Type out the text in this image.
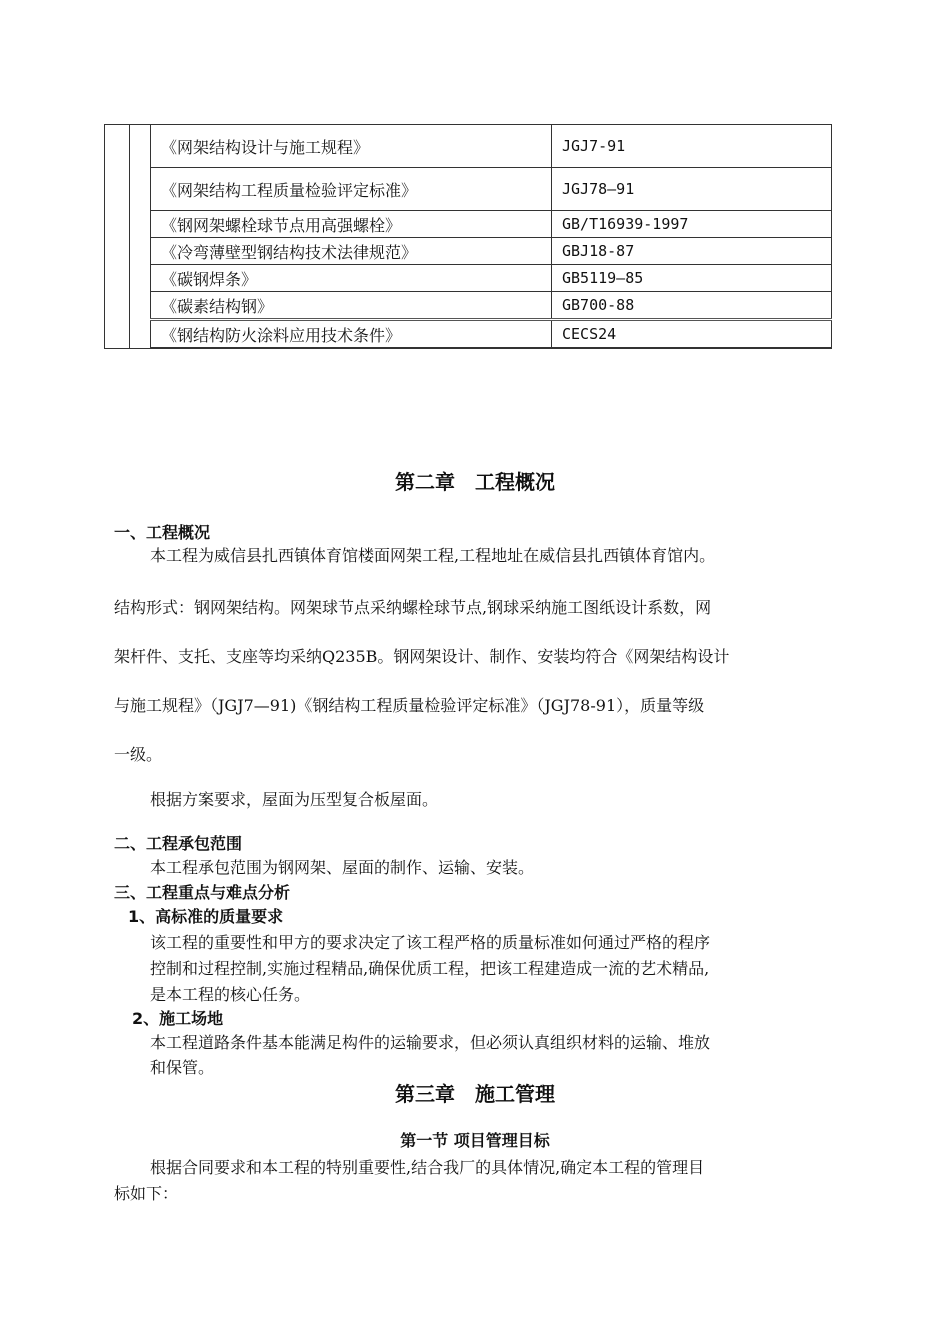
		《网架结构设计与施工规程》	JGJ7-91
		《网架结构工程质量检验评定标准》	JGJ78—91
		《钢网架螺栓球节点用高强螺栓》	GB/T16939-1997
		《冷弯薄壁型钢结构技术法律规范》	GBJ18-87
		《碳钢焊条》	GB5119—85
		《碳素结构钢》	GB700-88
		《钢结构防火涂料应用技术条件》	CECS24
第二章　工程概况
一、工程概况
本工程为威信县扎西镇体育馆楼面网架工程,工程地址在威信县扎西镇体育馆内。
结构形式：钢网架结构。网架球节点采纳螺栓球节点,钢球采纳施工图纸设计系数，网
架杆件、支托、支座等均采纳Q235B。钢网架设计、制作、安装均符合《网架结构设计
与施工规程》（JGJ7—91)《钢结构工程质量检验评定标准》（JGJ78-91），质量等级
一级。
根据方案要求，屋面为压型复合板屋面。
二、工程承包范围
本工程承包范围为钢网架、屋面的制作、运输、安装。
三、工程重点与难点分析
1、高标准的质量要求
该工程的重要性和甲方的要求决定了该工程严格的质量标准如何通过严格的程序
控制和过程控制,实施过程精品,确保优质工程，把该工程建造成一流的艺术精品,
是本工程的核心任务。
2、施工场地
本工程道路条件基本能满足构件的运输要求，但必须认真组织材料的运输、堆放
和保管。
第三章　施工管理
第一节 项目管理目标
根据合同要求和本工程的特别重要性,结合我厂的具体情况,确定本工程的管理目
标如下：
